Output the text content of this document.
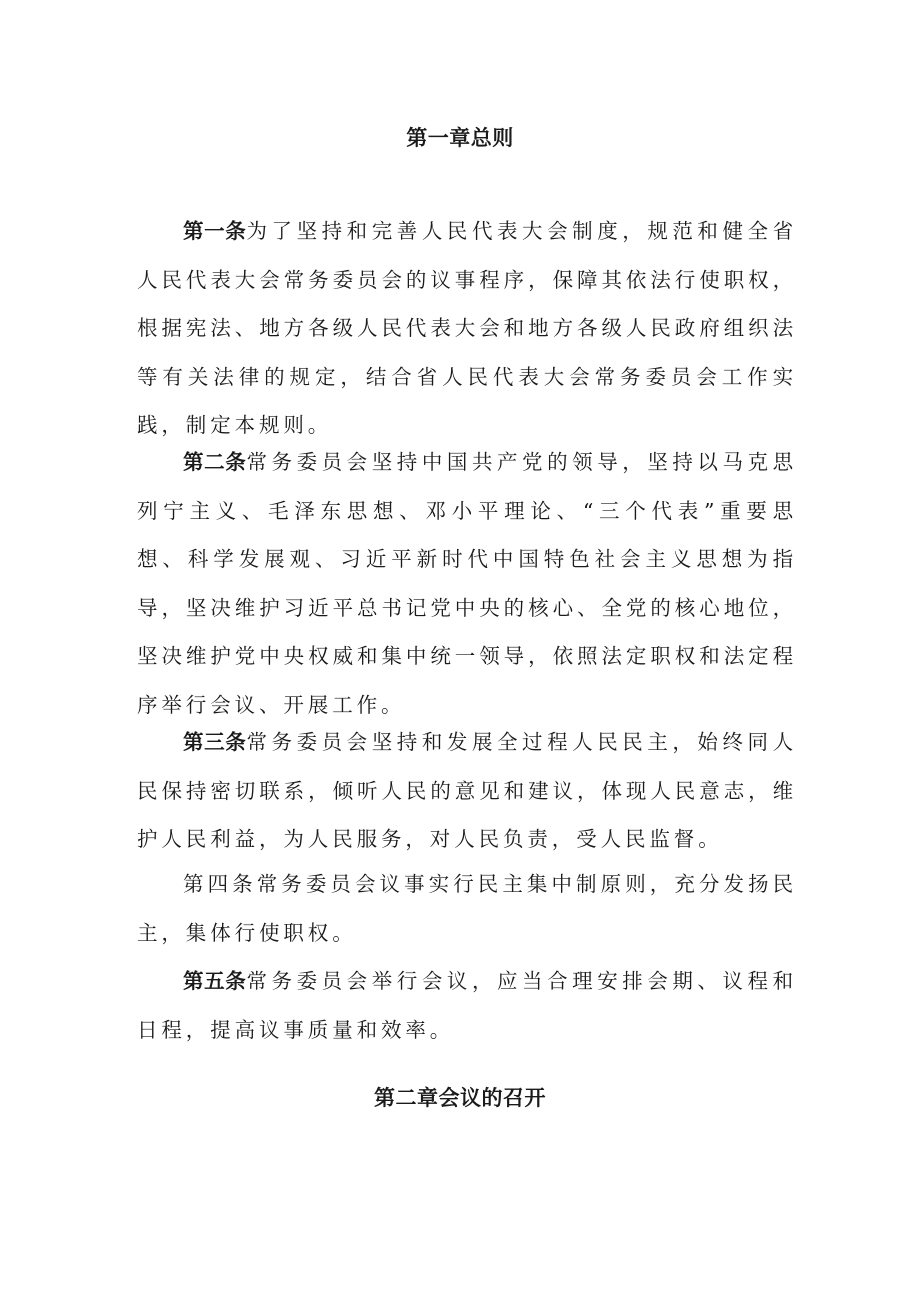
第一章总则

第一条为了坚持和完善人民代表大会制度，规范和健全省人民代表大会常务委员会的议事程序，保障其依法行使职权，根据宪法、地方各级人民代表大会和地方各级人民政府组织法等有关法律的规定，结合省人民代表大会常务委员会工作实践，制定本规则。

第二条常务委员会坚持中国共产党的领导，坚持以马克思列宁主义、毛泽东思想、邓小平理论、“三个代表”重要思想、科学发展观、习近平新时代中国特色社会主义思想为指导，坚决维护习近平总书记党中央的核心、全党的核心地位，坚决维护党中央权威和集中统一领导，依照法定职权和法定程序举行会议、开展工作。

第三条常务委员会坚持和发展全过程人民民主，始终同人民保持密切联系，倾听人民的意见和建议，体现人民意志，维护人民利益，为人民服务，对人民负责，受人民监督。

第四条常务委员会议事实行民主集中制原则，充分发扬民主，集体行使职权。

第五条常务委员会举行会议，应当合理安排会期、议程和日程，提高议事质量和效率。

第二章会议的召开
